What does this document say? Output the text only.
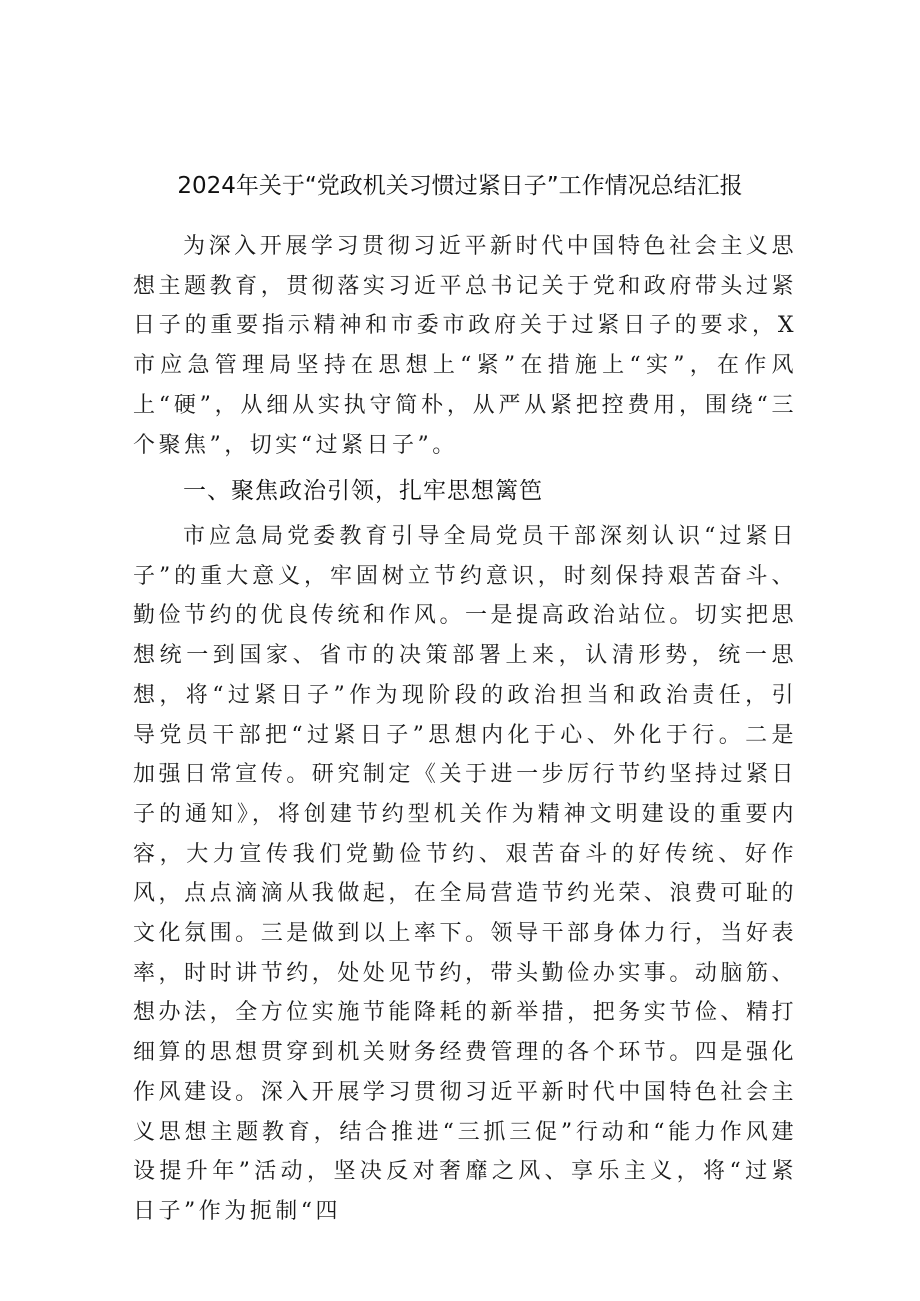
2024年关于“党政机关习惯过紧日子”工作情况总结汇报
为深入开展学习贯彻习近平新时代中国特色社会主义思想主题教育，贯彻落实习近平总书记关于党和政府带头过紧日子的重要指示精神和市委市政府关于过紧日子的要求，X市应急管理局坚持在思想上“紧”在措施上“实”，在作风上“硬”，从细从实执守简朴，从严从紧把控费用，围绕“三个聚焦”，切实“过紧日子”。
一、聚焦政治引领，扎牢思想篱笆
市应急局党委教育引导全局党员干部深刻认识“过紧日子”的重大意义，牢固树立节约意识，时刻保持艰苦奋斗、勤俭节约的优良传统和作风。一是提高政治站位。切实把思想统一到国家、省市的决策部署上来，认清形势，统一思想，将“过紧日子”作为现阶段的政治担当和政治责任，引导党员干部把“过紧日子”思想内化于心、外化于行。二是加强日常宣传。研究制定《关于进一步厉行节约坚持过紧日子的通知》，将创建节约型机关作为精神文明建设的重要内容，大力宣传我们党勤俭节约、艰苦奋斗的好传统、好作风，点点滴滴从我做起，在全局营造节约光荣、浪费可耻的文化氛围。三是做到以上率下。领导干部身体力行，当好表率，时时讲节约，处处见节约，带头勤俭办实事。动脑筋、想办法，全方位实施节能降耗的新举措，把务实节俭、精打细算的思想贯穿到机关财务经费管理的各个环节。四是强化作风建设。深入开展学习贯彻习近平新时代中国特色社会主义思想主题教育，结合推进“三抓三促”行动和“能力作风建设提升年”活动，坚决反对奢靡之风、享乐主义，将“过紧日子”作为扼制“四
